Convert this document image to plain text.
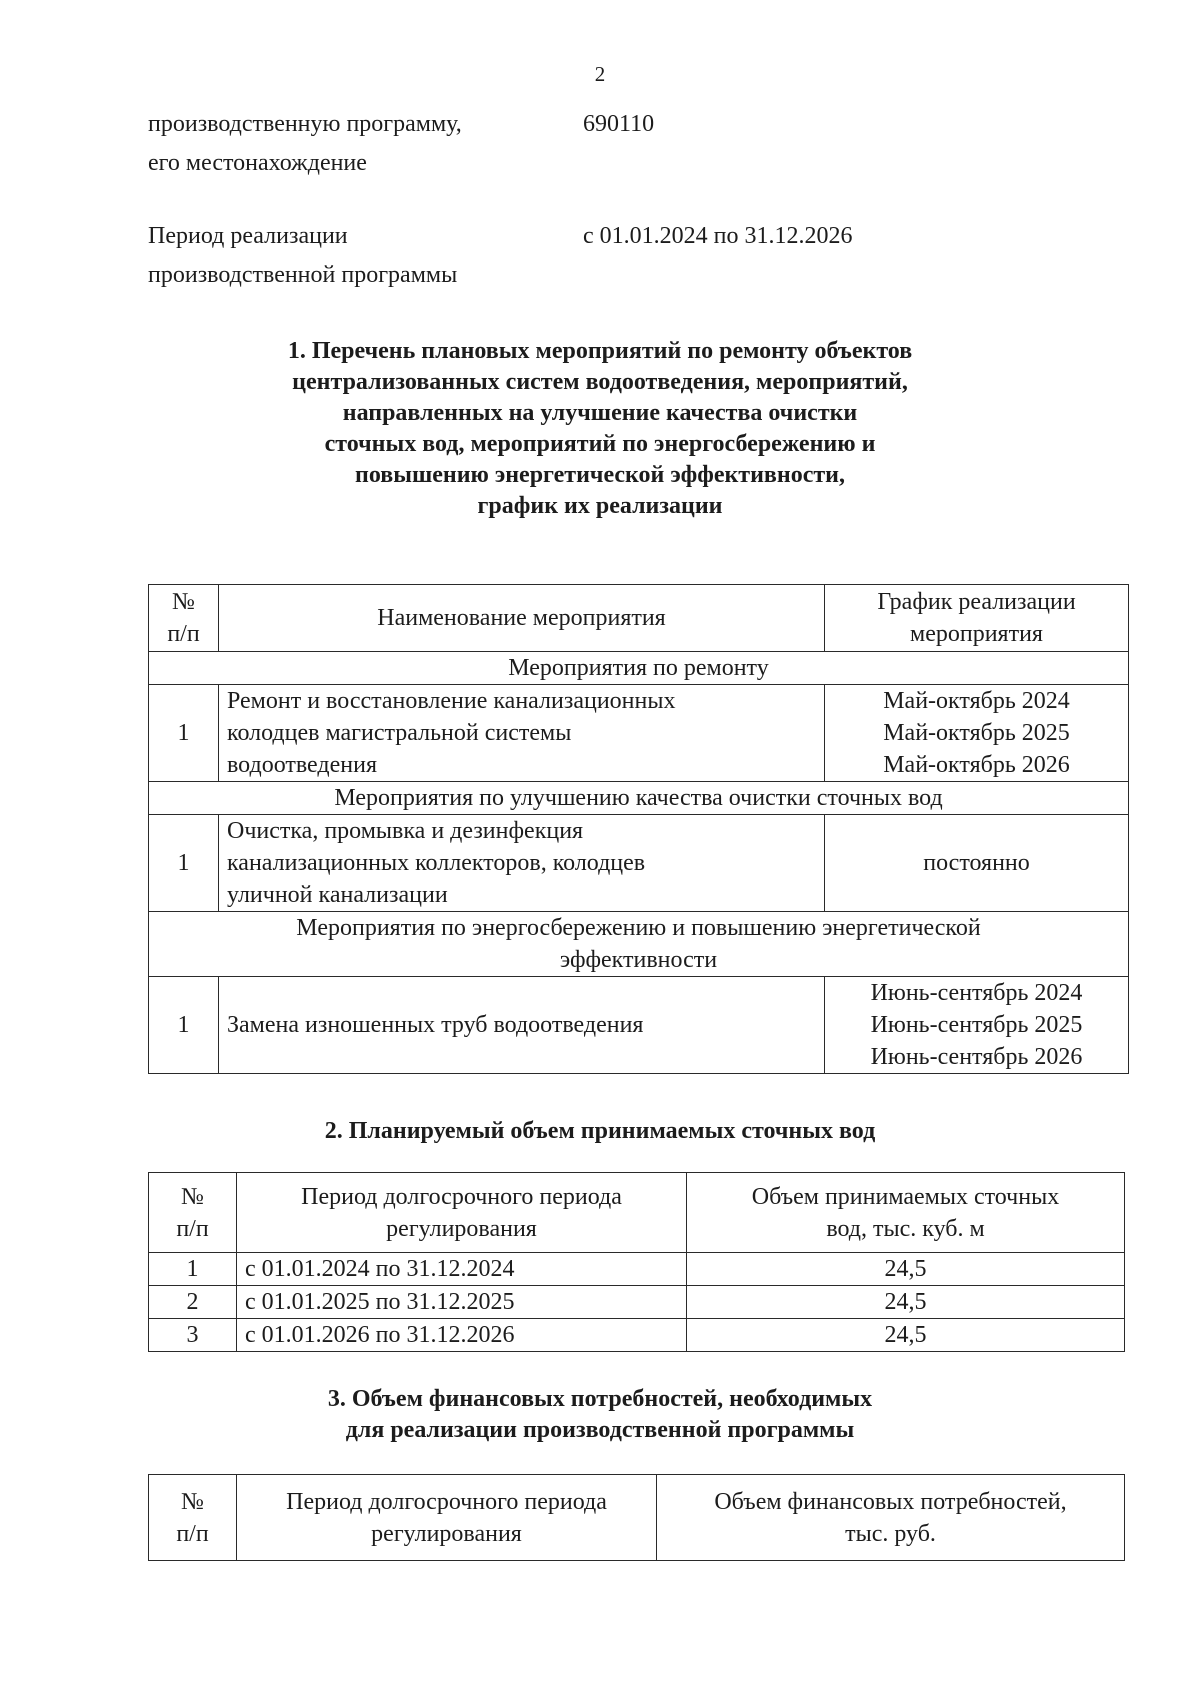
2
производственную программу,
его местонахождение
690110
Период реализации
производственной программы
с 01.01.2024 по 31.12.2026
1. Перечень плановых мероприятий по ремонту объектов
централизованных систем водоотведения, мероприятий,
направленных на улучшение качества очистки
сточных вод, мероприятий по энергосбережению и
повышению энергетической эффективности,
график их реализации
№
п/п	Наименование мероприятия	График реализации
мероприятия

Мероприятия по ремонту		
1	Ремонт и восстановление канализационных
колодцев магистральной системы
водоотведения	Май-октябрь 2024
Май-октябрь 2025
Май-октябрь 2026

Мероприятия по улучшению качества очистки сточных вод		
1	Очистка, промывка и дезинфекция
канализационных коллекторов, колодцев
уличной канализации	постоянно

Мероприятия по энергосбережению и повышению энергетической
эффективности		

1	Замена изношенных труб водоотведения	Июнь-сентябрь 2024
Июнь-сентябрь 2025
Июнь-сентябрь 2026
2. Планируемый объем принимаемых сточных вод
№
п/п	Период долгосрочного периода
регулирования	Объем принимаемых сточных
вод, тыс. куб. м

1	с 01.01.2024 по 31.12.2024	24,5
2	с 01.01.2025 по 31.12.2025	24,5
3	с 01.01.2026 по 31.12.2026	24,5
3. Объем финансовых потребностей, необходимых
для реализации производственной программы
№
п/п

Период долгосрочного периода
регулирования

Объем финансовых потребностей,
тыс. руб.
